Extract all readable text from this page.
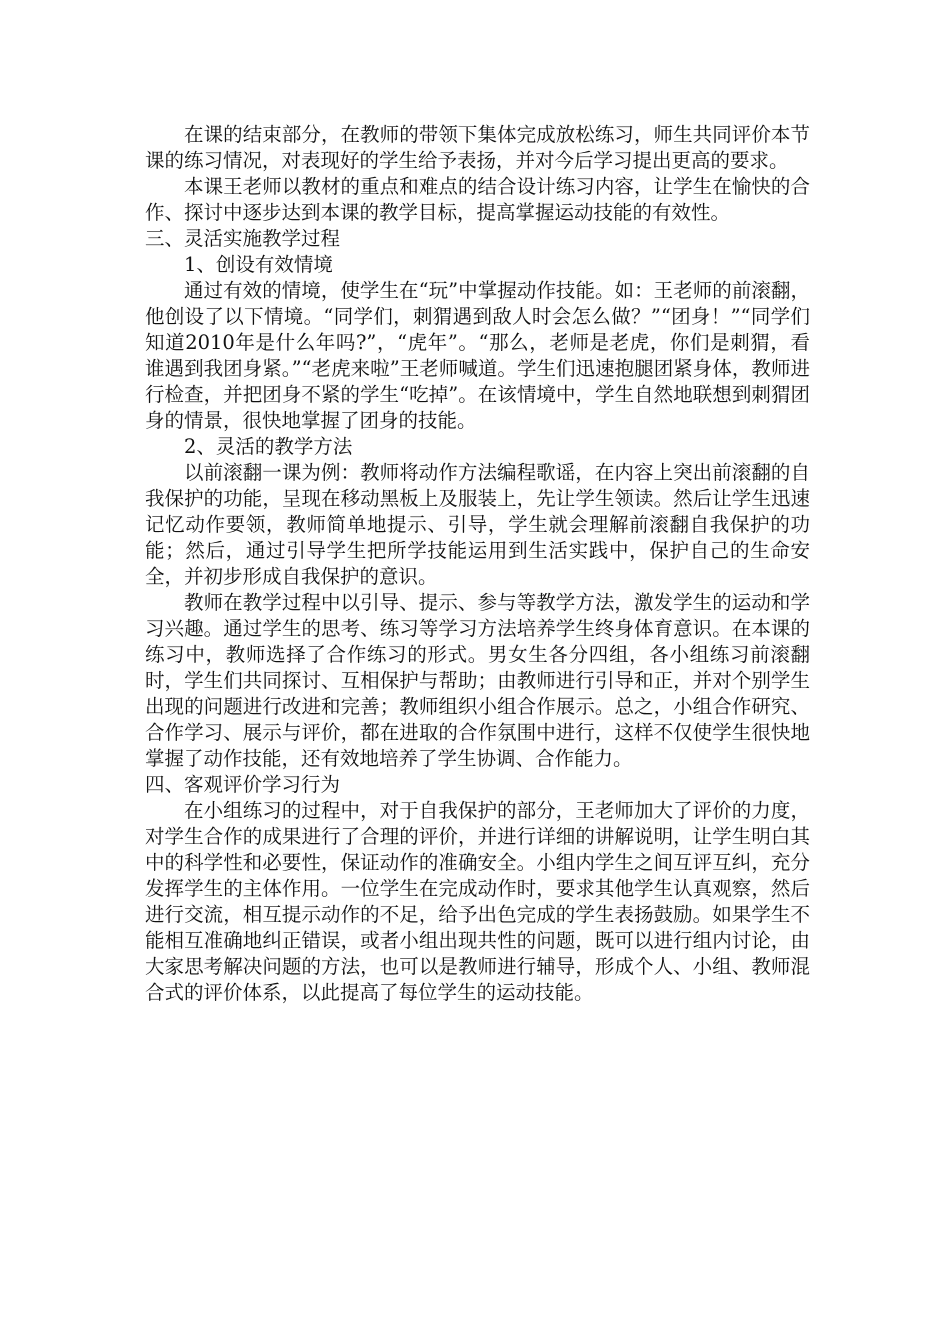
在课的结束部分，在教师的带领下集体完成放松练习，师生共同评价本节课的练习情况，对表现好的学生给予表扬，并对今后学习提出更高的要求。

本课王老师以教材的重点和难点的结合设计练习内容，让学生在愉快的合作、探讨中逐步达到本课的教学目标，提高掌握运动技能的有效性。

三、灵活实施教学过程

1、创设有效情境

通过有效的情境，使学生在“玩”中掌握动作技能。如：王老师的前滚翻，他创设了以下情境。“同学们，刺猬遇到敌人时会怎么做？”“团身！”“同学们知道2010年是什么年吗?”，“虎年”。“那么，老师是老虎，你们是刺猬，看谁遇到我团身紧。”“老虎来啦”王老师喊道。学生们迅速抱腿团紧身体，教师进行检查，并把团身不紧的学生“吃掉”。在该情境中，学生自然地联想到刺猬团身的情景，很快地掌握了团身的技能。

2、灵活的教学方法

以前滚翻一课为例：教师将动作方法编程歌谣，在内容上突出前滚翻的自我保护的功能，呈现在移动黑板上及服装上，先让学生领读。然后让学生迅速记忆动作要领，教师简单地提示、引导，学生就会理解前滚翻自我保护的功能；然后，通过引导学生把所学技能运用到生活实践中，保护自己的生命安全，并初步形成自我保护的意识。

教师在教学过程中以引导、提示、参与等教学方法，激发学生的运动和学习兴趣。通过学生的思考、练习等学习方法培养学生终身体育意识。在本课的练习中，教师选择了合作练习的形式。男女生各分四组，各小组练习前滚翻时，学生们共同探讨、互相保护与帮助；由教师进行引导和正，并对个别学生出现的问题进行改进和完善；教师组织小组合作展示。总之，小组合作研究、合作学习、展示与评价，都在进取的合作氛围中进行，这样不仅使学生很快地掌握了动作技能，还有效地培养了学生协调、合作能力。

四、客观评价学习行为

在小组练习的过程中，对于自我保护的部分，王老师加大了评价的力度，对学生合作的成果进行了合理的评价，并进行详细的讲解说明，让学生明白其中的科学性和必要性，保证动作的准确安全。小组内学生之间互评互纠，充分发挥学生的主体作用。一位学生在完成动作时，要求其他学生认真观察，然后进行交流，相互提示动作的不足，给予出色完成的学生表扬鼓励。如果学生不能相互准确地纠正错误，或者小组出现共性的问题，既可以进行组内讨论，由大家思考解决问题的方法，也可以是教师进行辅导，形成个人、小组、教师混合式的评价体系，以此提高了每位学生的运动技能。
